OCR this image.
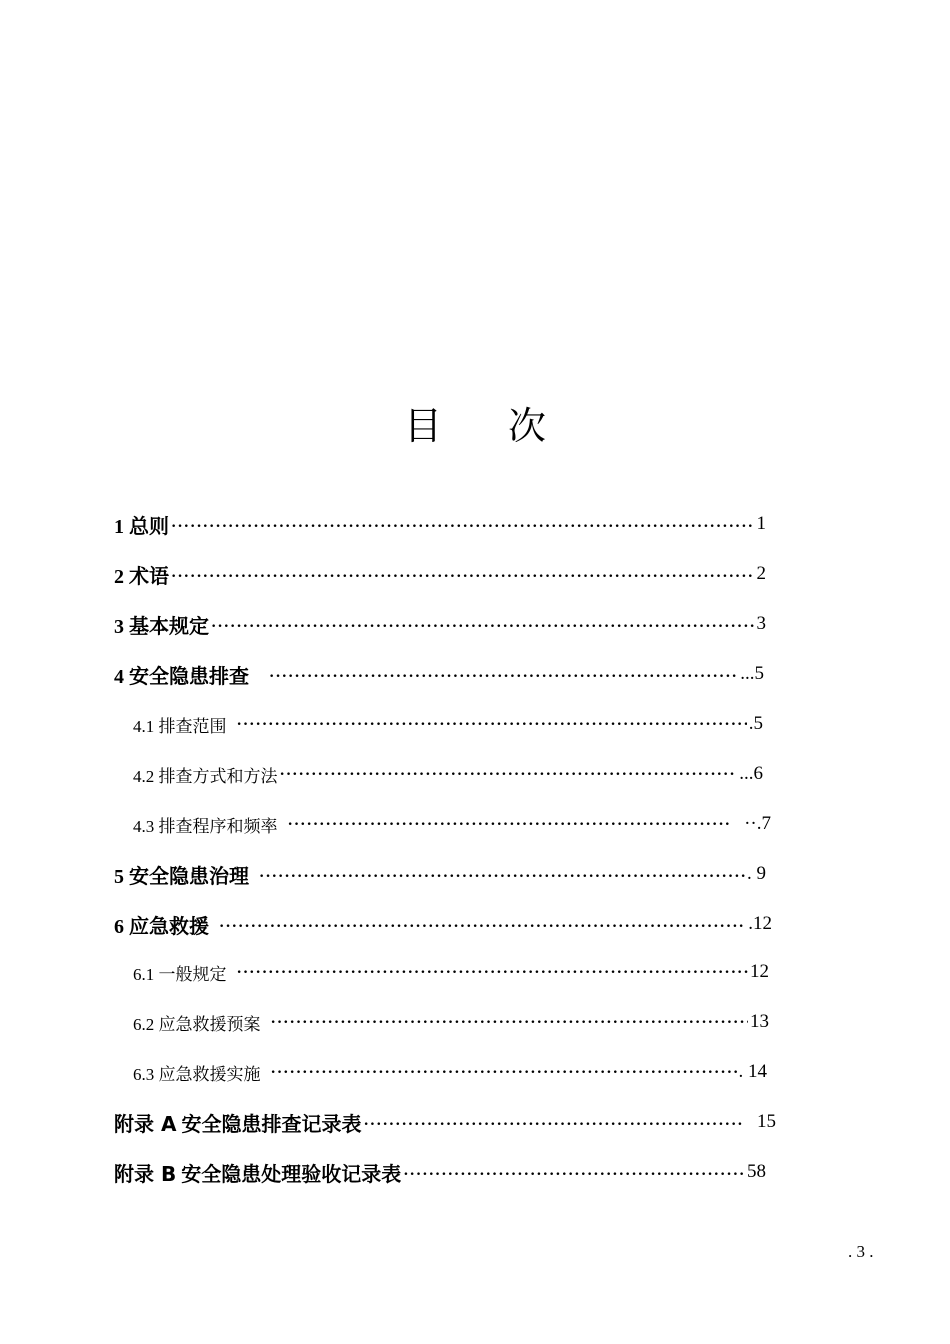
目 次
1 总则 ·····	1
2 术语 ·····	2
3 基本规定 ·····	3
4 安全隐患排查 ·····	...5
4.1 排查范围 ·····	.5
4.2 排查方式和方法 ·····	...6
4.3 排查程序和频率 ·····	··.7
5 安全隐患治理 ·····	. 9
6 应急救援 ·····	.12
6.1 一般规定 ·····	12
6.2 应急救援预案 ·····	13
6.3 应急救援实施 ·····	. 14
附录 A 安全隐患排查记录表 ·····	15
附录 B 安全隐患处理验收记录表 ·····	58
. 3 .
